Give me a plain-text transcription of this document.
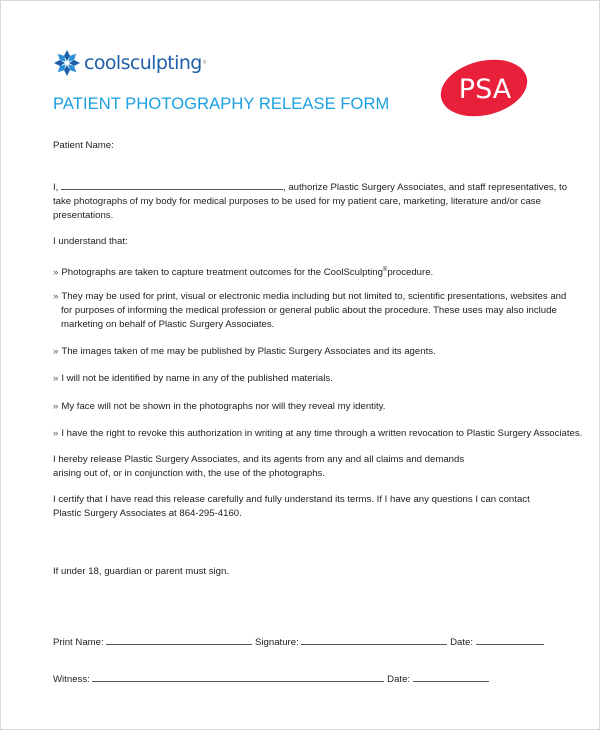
coolsculpting ®
PSA
PATIENT PHOTOGRAPHY RELEASE FORM
Patient Name:
I,	, authorize Plastic Surgery Associates, and staff representatives, to
take photographs of my body for medical purposes to be used for my patient care, marketing, literature and/or case
presentations.
I understand that:
» Photographs are taken to capture treatment outcomes for the CoolSculpting®procedure.
» They may be used for print, visual or electronic media including but not limited to, scientific presentations, websites and
for purposes of informing the medical profession or general public about the procedure. These uses may also include
marketing on behalf of Plastic Surgery Associates.
» The images taken of me may be published by Plastic Surgery Associates and its agents.
» I will not be identified by name in any of the published materials.
» My face will not be shown in the photographs nor will they reveal my identity.
» I have the right to revoke this authorization in writing at any time through a written revocation to Plastic Surgery Associates.
I hereby release Plastic Surgery Associates, and its agents from any and all claims and demands
arising out of, or in conjunction with, the use of the photographs.
I certify that I have read this release carefully and fully understand its terms. If I have any questions I can contact
Plastic Surgery Associates at 864-295-4160.
If under 18, guardian or parent must sign.
Print Name:	Signature:	Date:
Witness:	Date:
